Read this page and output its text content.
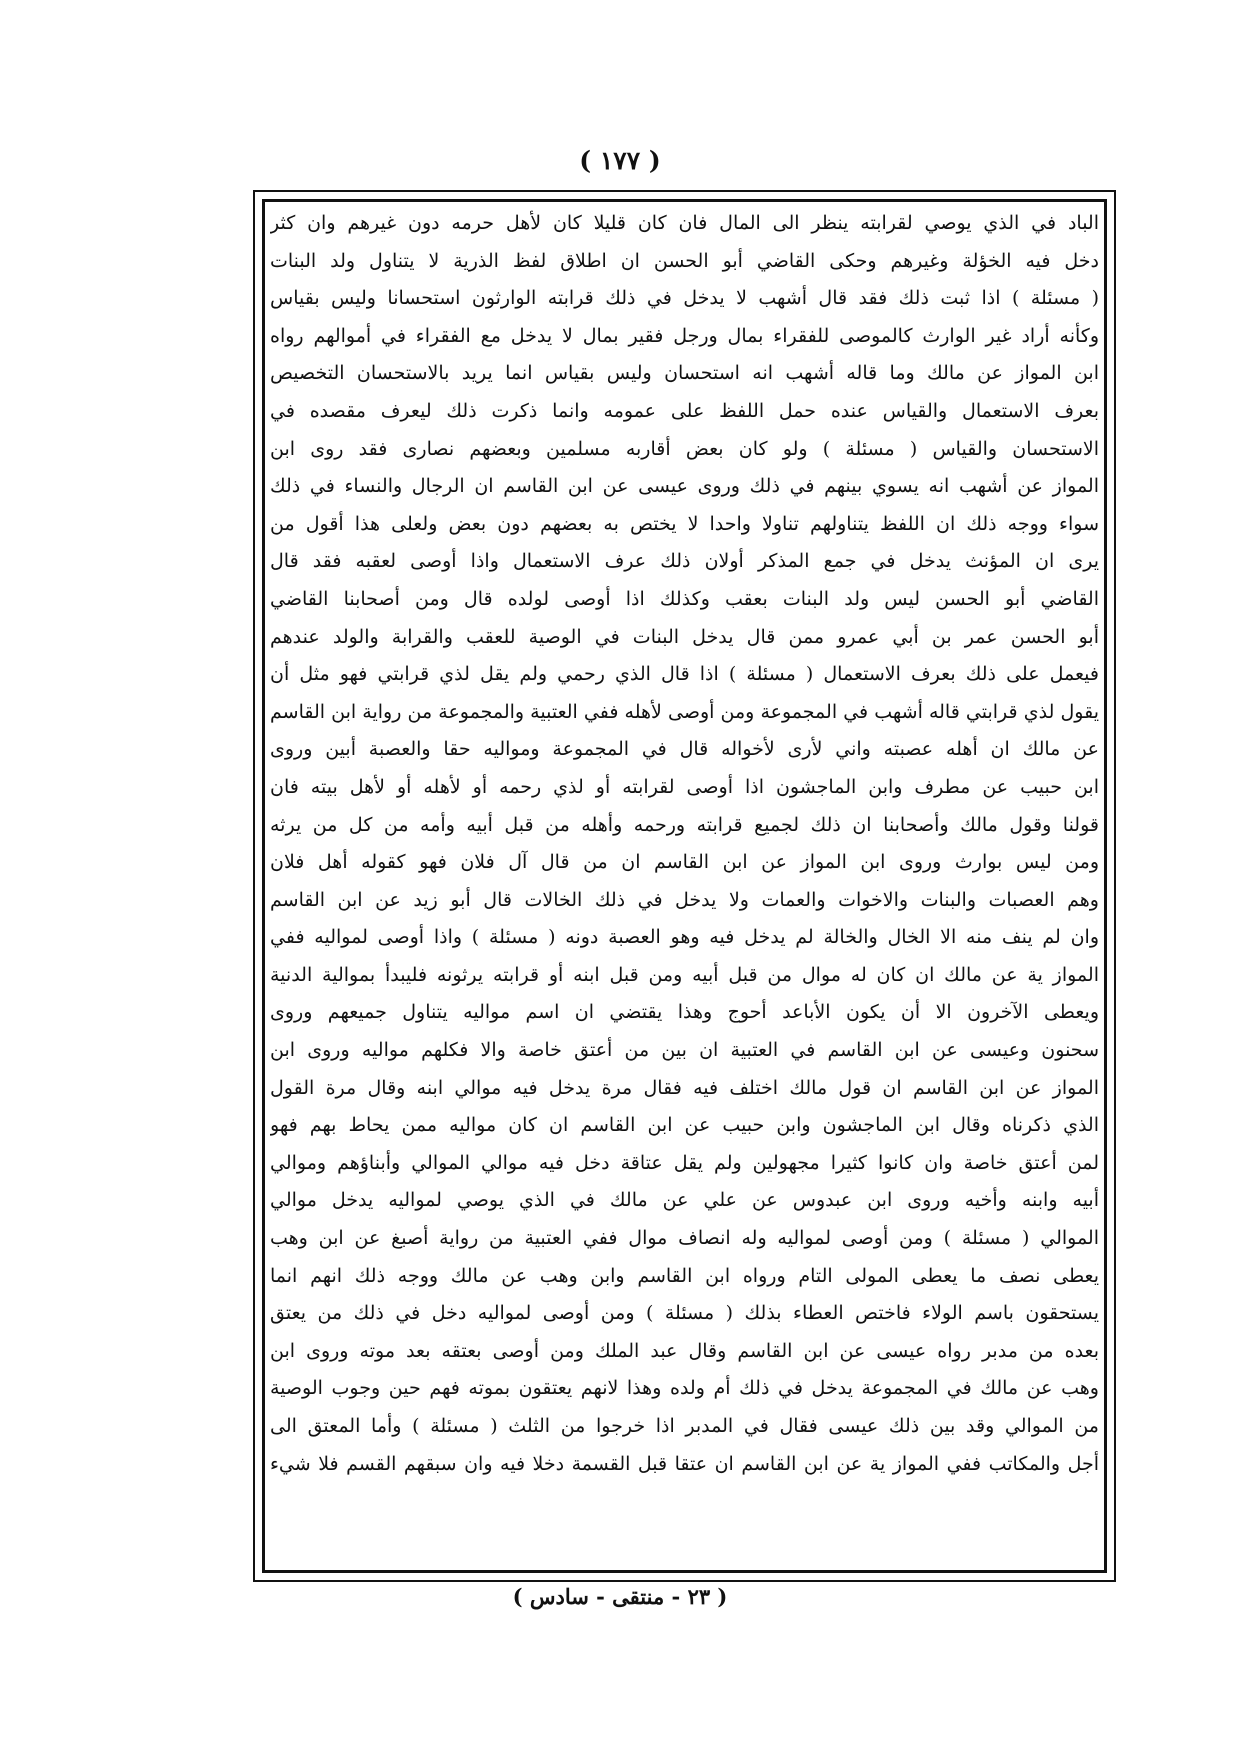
( ١٧٧ )
الباد في الذي يوصي لقرابته ينظر الى المال فان كان قليلا كان لأهل حرمه دون غيرهم وان كثر
دخل فيه الخؤلة وغيرهم وحكى القاضي أبو الحسن ان اطلاق لفظ الذرية لا يتناول ولد البنات
( مسئلة ) اذا ثبت ذلك فقد قال أشهب لا يدخل في ذلك قرابته الوارثون استحسانا وليس بقياس
وكأنه أراد غير الوارث كالموصى للفقراء بمال ورجل فقير بمال لا يدخل مع الفقراء في أموالهم رواه
ابن المواز عن مالك وما قاله أشهب انه استحسان وليس بقياس انما يريد بالاستحسان التخصيص
بعرف الاستعمال والقياس عنده حمل اللفظ على عمومه وانما ذكرت ذلك ليعرف مقصده في
الاستحسان والقياس ( مسئلة ) ولو كان بعض أقاربه مسلمين وبعضهم نصارى فقد روى ابن
المواز عن أشهب انه يسوي بينهم في ذلك وروى عيسى عن ابن القاسم ان الرجال والنساء في ذلك
سواء ووجه ذلك ان اللفظ يتناولهم تناولا واحدا لا يختص به بعضهم دون بعض ولعلى هذا أقول من
يرى ان المؤنث يدخل في جمع المذكر أولان ذلك عرف الاستعمال واذا أوصى لعقبه فقد قال
القاضي أبو الحسن ليس ولد البنات بعقب وكذلك اذا أوصى لولده قال ومن أصحابنا القاضي
أبو الحسن عمر بن أبي عمرو ممن قال يدخل البنات في الوصية للعقب والقرابة والولد عندهم
فيعمل على ذلك بعرف الاستعمال ( مسئلة ) اذا قال الذي رحمي ولم يقل لذي قرابتي فهو مثل أن
يقول لذي قرابتي قاله أشهب في المجموعة ومن أوصى لأهله ففي العتبية والمجموعة من رواية ابن القاسم
عن مالك ان أهله عصبته واني لأرى لأخواله قال في المجموعة ومواليه حقا والعصبة أبين وروى
ابن حبيب عن مطرف وابن الماجشون اذا أوصى لقرابته أو لذي رحمه أو لأهله أو لأهل بيته فان
قولنا وقول مالك وأصحابنا ان ذلك لجميع قرابته ورحمه وأهله من قبل أبيه وأمه من كل من يرثه
ومن ليس بوارث وروى ابن المواز عن ابن القاسم ان من قال آل فلان فهو كقوله أهل فلان
وهم العصبات والبنات والاخوات والعمات ولا يدخل في ذلك الخالات قال أبو زيد عن ابن القاسم
وان لم ينف منه الا الخال والخالة لم يدخل فيه وهو العصبة دونه ( مسئلة ) واذا أوصى لمواليه ففي
المواز ية عن مالك ان كان له موال من قبل أبيه ومن قبل ابنه أو قرابته يرثونه فليبدأ بموالية الدنية
ويعطى الآخرون الا أن يكون الأباعد أحوج وهذا يقتضي ان اسم مواليه يتناول جميعهم وروى
سحنون وعيسى عن ابن القاسم في العتبية ان بين من أعتق خاصة والا فكلهم مواليه وروى ابن
المواز عن ابن القاسم ان قول مالك اختلف فيه فقال مرة يدخل فيه موالي ابنه وقال مرة القول
الذي ذكرناه وقال ابن الماجشون وابن حبيب عن ابن القاسم ان كان مواليه ممن يحاط بهم فهو
لمن أعتق خاصة وان كانوا كثيرا مجهولين ولم يقل عتاقة دخل فيه موالي الموالي وأبناؤهم وموالي
أبيه وابنه وأخيه وروى ابن عبدوس عن علي عن مالك في الذي يوصي لمواليه يدخل موالي
الموالي ( مسئلة ) ومن أوصى لمواليه وله انصاف موال ففي العتبية من رواية أصبغ عن ابن وهب
يعطى نصف ما يعطى المولى التام ورواه ابن القاسم وابن وهب عن مالك ووجه ذلك انهم انما
يستحقون باسم الولاء فاختص العطاء بذلك ( مسئلة ) ومن أوصى لمواليه دخل في ذلك من يعتق
بعده من مدبر رواه عيسى عن ابن القاسم وقال عبد الملك ومن أوصى بعتقه بعد موته وروى ابن
وهب عن مالك في المجموعة يدخل في ذلك أم ولده وهذا لانهم يعتقون بموته فهم حين وجوب الوصية
من الموالي وقد بين ذلك عيسى فقال في المدبر اذا خرجوا من الثلث ( مسئلة ) وأما المعتق الى
أجل والمكاتب ففي المواز ية عن ابن القاسم ان عتقا قبل القسمة دخلا فيه وان سبقهم القسم فلا شيء
( ٢٣ - منتقى - سادس )
